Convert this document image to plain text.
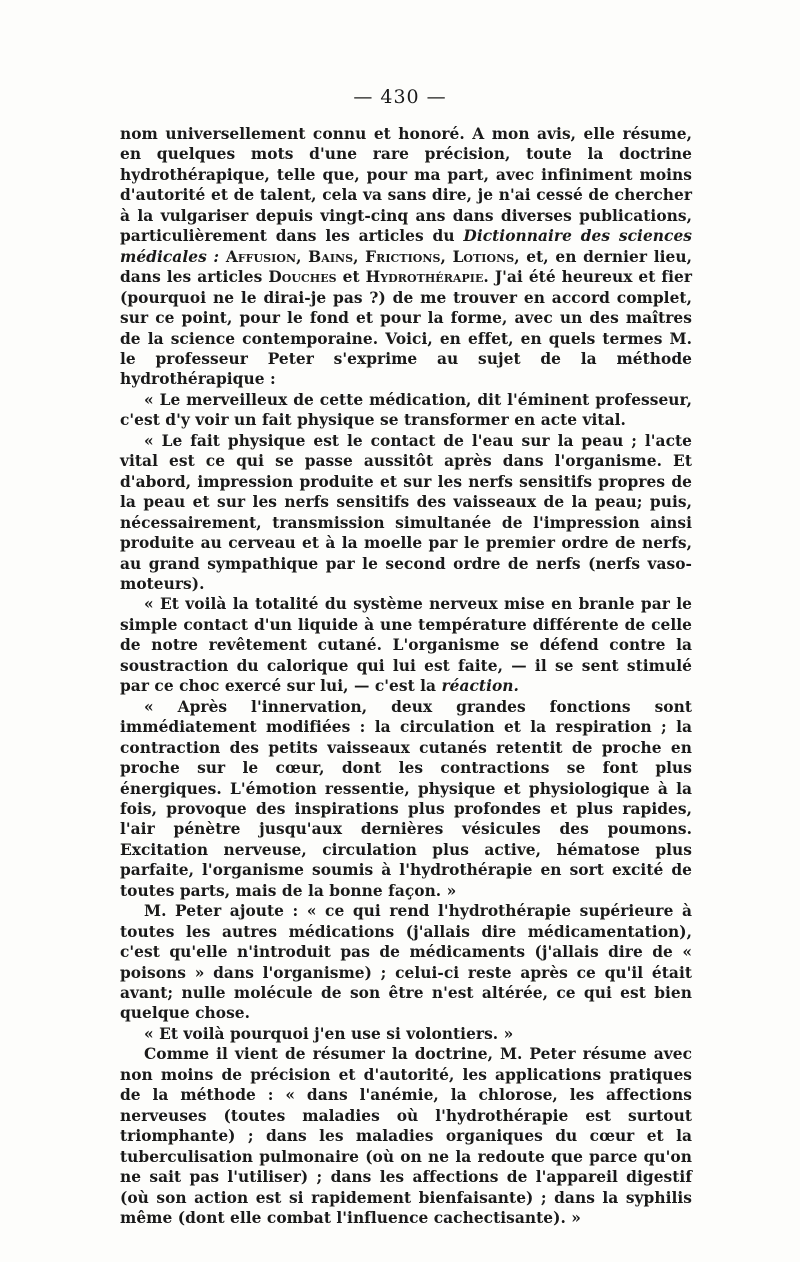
— 430 —

nom universellement connu et honoré. A mon avis, elle résume, en quelques mots d'une rare précision, toute la doctrine hydrothérapique, telle que, pour ma part, avec infiniment moins d'autorité et de talent, cela va sans dire, je n'ai cessé de chercher à la vulgariser depuis vingt-cinq ans dans diverses publications, particulièrement dans les articles du Dictionnaire des sciences médicales : Affusion, Bains, Frictions, Lotions, et, en dernier lieu, dans les articles Douches et Hydrothérapie. J'ai été heureux et fier (pourquoi ne le dirai-je pas ?) de me trouver en accord complet, sur ce point, pour le fond et pour la forme, avec un des maîtres de la science contemporaine. Voici, en effet, en quels termes M. le professeur Peter s'exprime au sujet de la méthode hydrothérapique :

« Le merveilleux de cette médication, dit l'éminent professeur, c'est d'y voir un fait physique se transformer en acte vital.

« Le fait physique est le contact de l'eau sur la peau ; l'acte vital est ce qui se passe aussitôt après dans l'organisme. Et d'abord, impression produite et sur les nerfs sensitifs propres de la peau et sur les nerfs sensitifs des vaisseaux de la peau; puis, nécessairement, transmission simultanée de l'impression ainsi produite au cerveau et à la moelle par le premier ordre de nerfs, au grand sympathique par le second ordre de nerfs (nerfs vaso-moteurs).

« Et voilà la totalité du système nerveux mise en branle par le simple contact d'un liquide à une température différente de celle de notre revêtement cutané. L'organisme se défend contre la soustraction du calorique qui lui est faite, — il se sent stimulé par ce choc exercé sur lui, — c'est la réaction.

« Après l'innervation, deux grandes fonctions sont immédiatement modifiées : la circulation et la respiration ; la contraction des petits vaisseaux cutanés retentit de proche en proche sur le cœur, dont les contractions se font plus énergiques. L'émotion ressentie, physique et physiologique à la fois, provoque des inspirations plus profondes et plus rapides, l'air pénètre jusqu'aux dernières vésicules des poumons. Excitation nerveuse, circulation plus active, hématose plus parfaite, l'organisme soumis à l'hydrothérapie en sort excité de toutes parts, mais de la bonne façon. »

M. Peter ajoute : « ce qui rend l'hydrothérapie supérieure à toutes les autres médications (j'allais dire médicamentation), c'est qu'elle n'introduit pas de médicaments (j'allais dire de « poisons » dans l'organisme) ; celui-ci reste après ce qu'il était avant; nulle molécule de son être n'est altérée, ce qui est bien quelque chose.

« Et voilà pourquoi j'en use si volontiers. »

Comme il vient de résumer la doctrine, M. Peter résume avec non moins de précision et d'autorité, les applications pratiques de la méthode : « dans l'anémie, la chlorose, les affections nerveuses (toutes maladies où l'hydrothérapie est surtout triomphante) ; dans les maladies organiques du cœur et la tuberculisation pulmonaire (où on ne la redoute que parce qu'on ne sait pas l'utiliser) ; dans les affections de l'appareil digestif (où son action est si rapidement bienfaisante) ; dans la syphilis même (dont elle combat l'influence cachectisante). »
